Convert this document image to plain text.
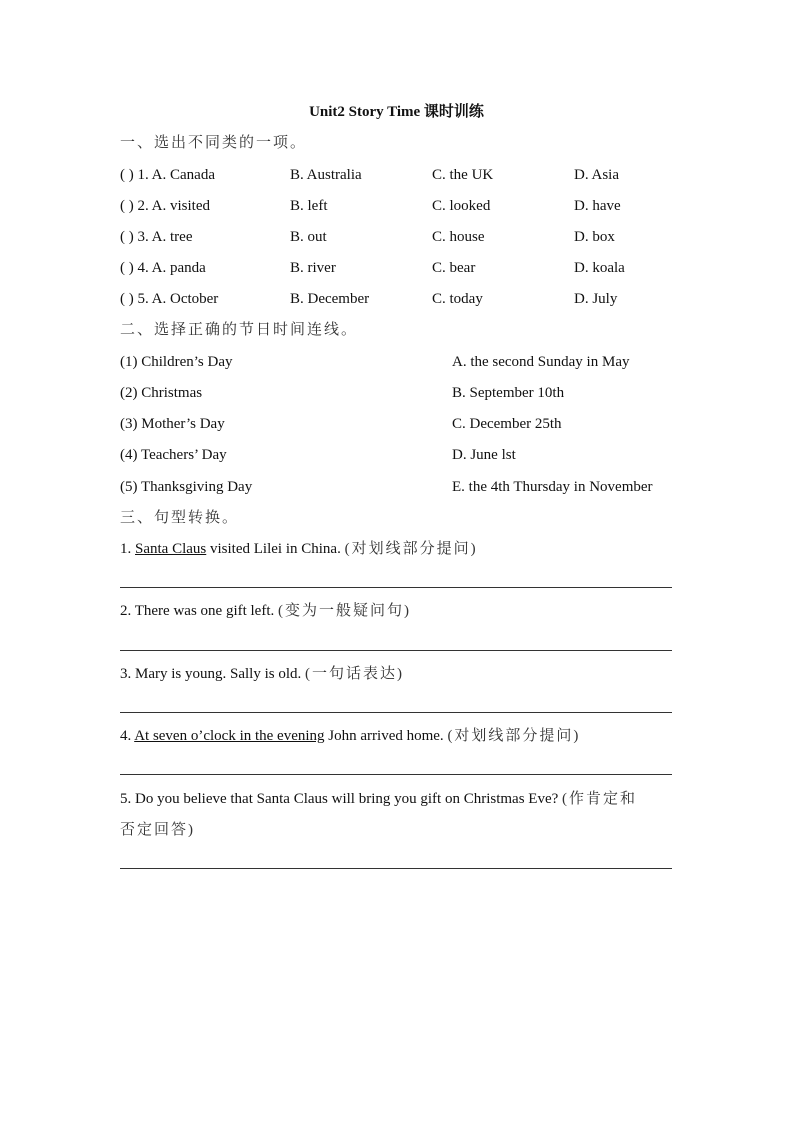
Unit2 Story Time 课时训练
一、选出不同类的一项。
( ) 1. A. Canada	B. Australia	C. the UK	D. Asia
( ) 2. A. visited	B. left	C. looked	D. have
( ) 3. A. tree	B. out	C. house	D. box
( ) 4. A. panda	B. river	C. bear	D. koala
( ) 5. A. October	B. December	C. today	D. July
二、选择正确的节日时间连线。
(1) Children’s Day	A. the second Sunday in May
(2) Christmas	B. September 10th
(3) Mother’s Day	C. December 25th
(4) Teachers’ Day	D. June lst
(5) Thanksgiving Day	E. the 4th Thursday in November
三、句型转换。
1. Santa Claus visited Lilei in China. (对划线部分提问)
2. There was one gift left. (变为一般疑问句)
3. Mary is young. Sally is old. (一句话表达)
4. At seven o’clock in the evening John arrived home. (对划线部分提问)
5. Do you believe that Santa Claus will bring you gift on Christmas Eve? (作肯定和
否定回答)
